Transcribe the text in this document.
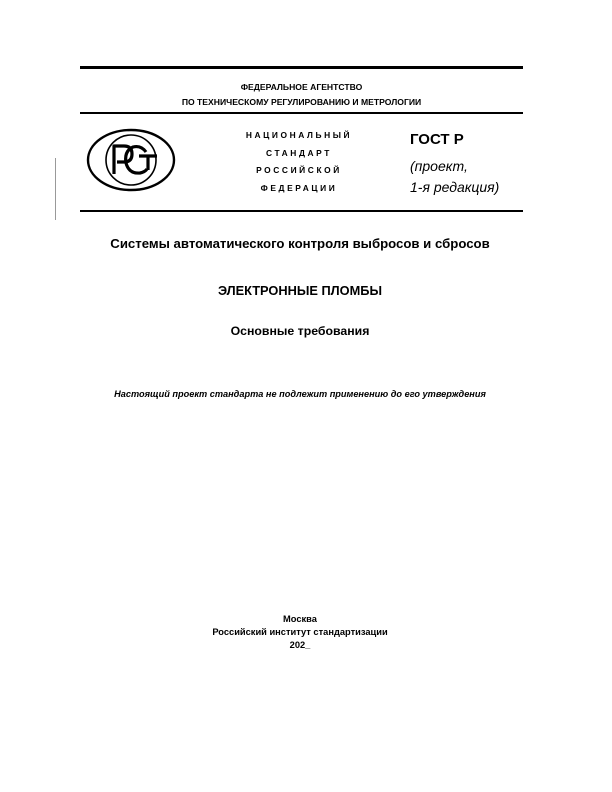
ФЕДЕРАЛЬНОЕ АГЕНТСТВО
ПО ТЕХНИЧЕСКОМУ РЕГУЛИРОВАНИЮ И МЕТРОЛОГИИ
НАЦИОНАЛЬНЫЙ
СТАНДАРТ
РОССИЙСКОЙ
ФЕДЕРАЦИИ
ГОСТ Р
(проект,
1-я редакция)
Системы автоматического контроля выбросов и сбросов
ЭЛЕКТРОННЫЕ ПЛОМБЫ
Основные требования
Настоящий проект стандарта не подлежит применению до его утверждения
Москва
Российский институт стандартизации
202_
